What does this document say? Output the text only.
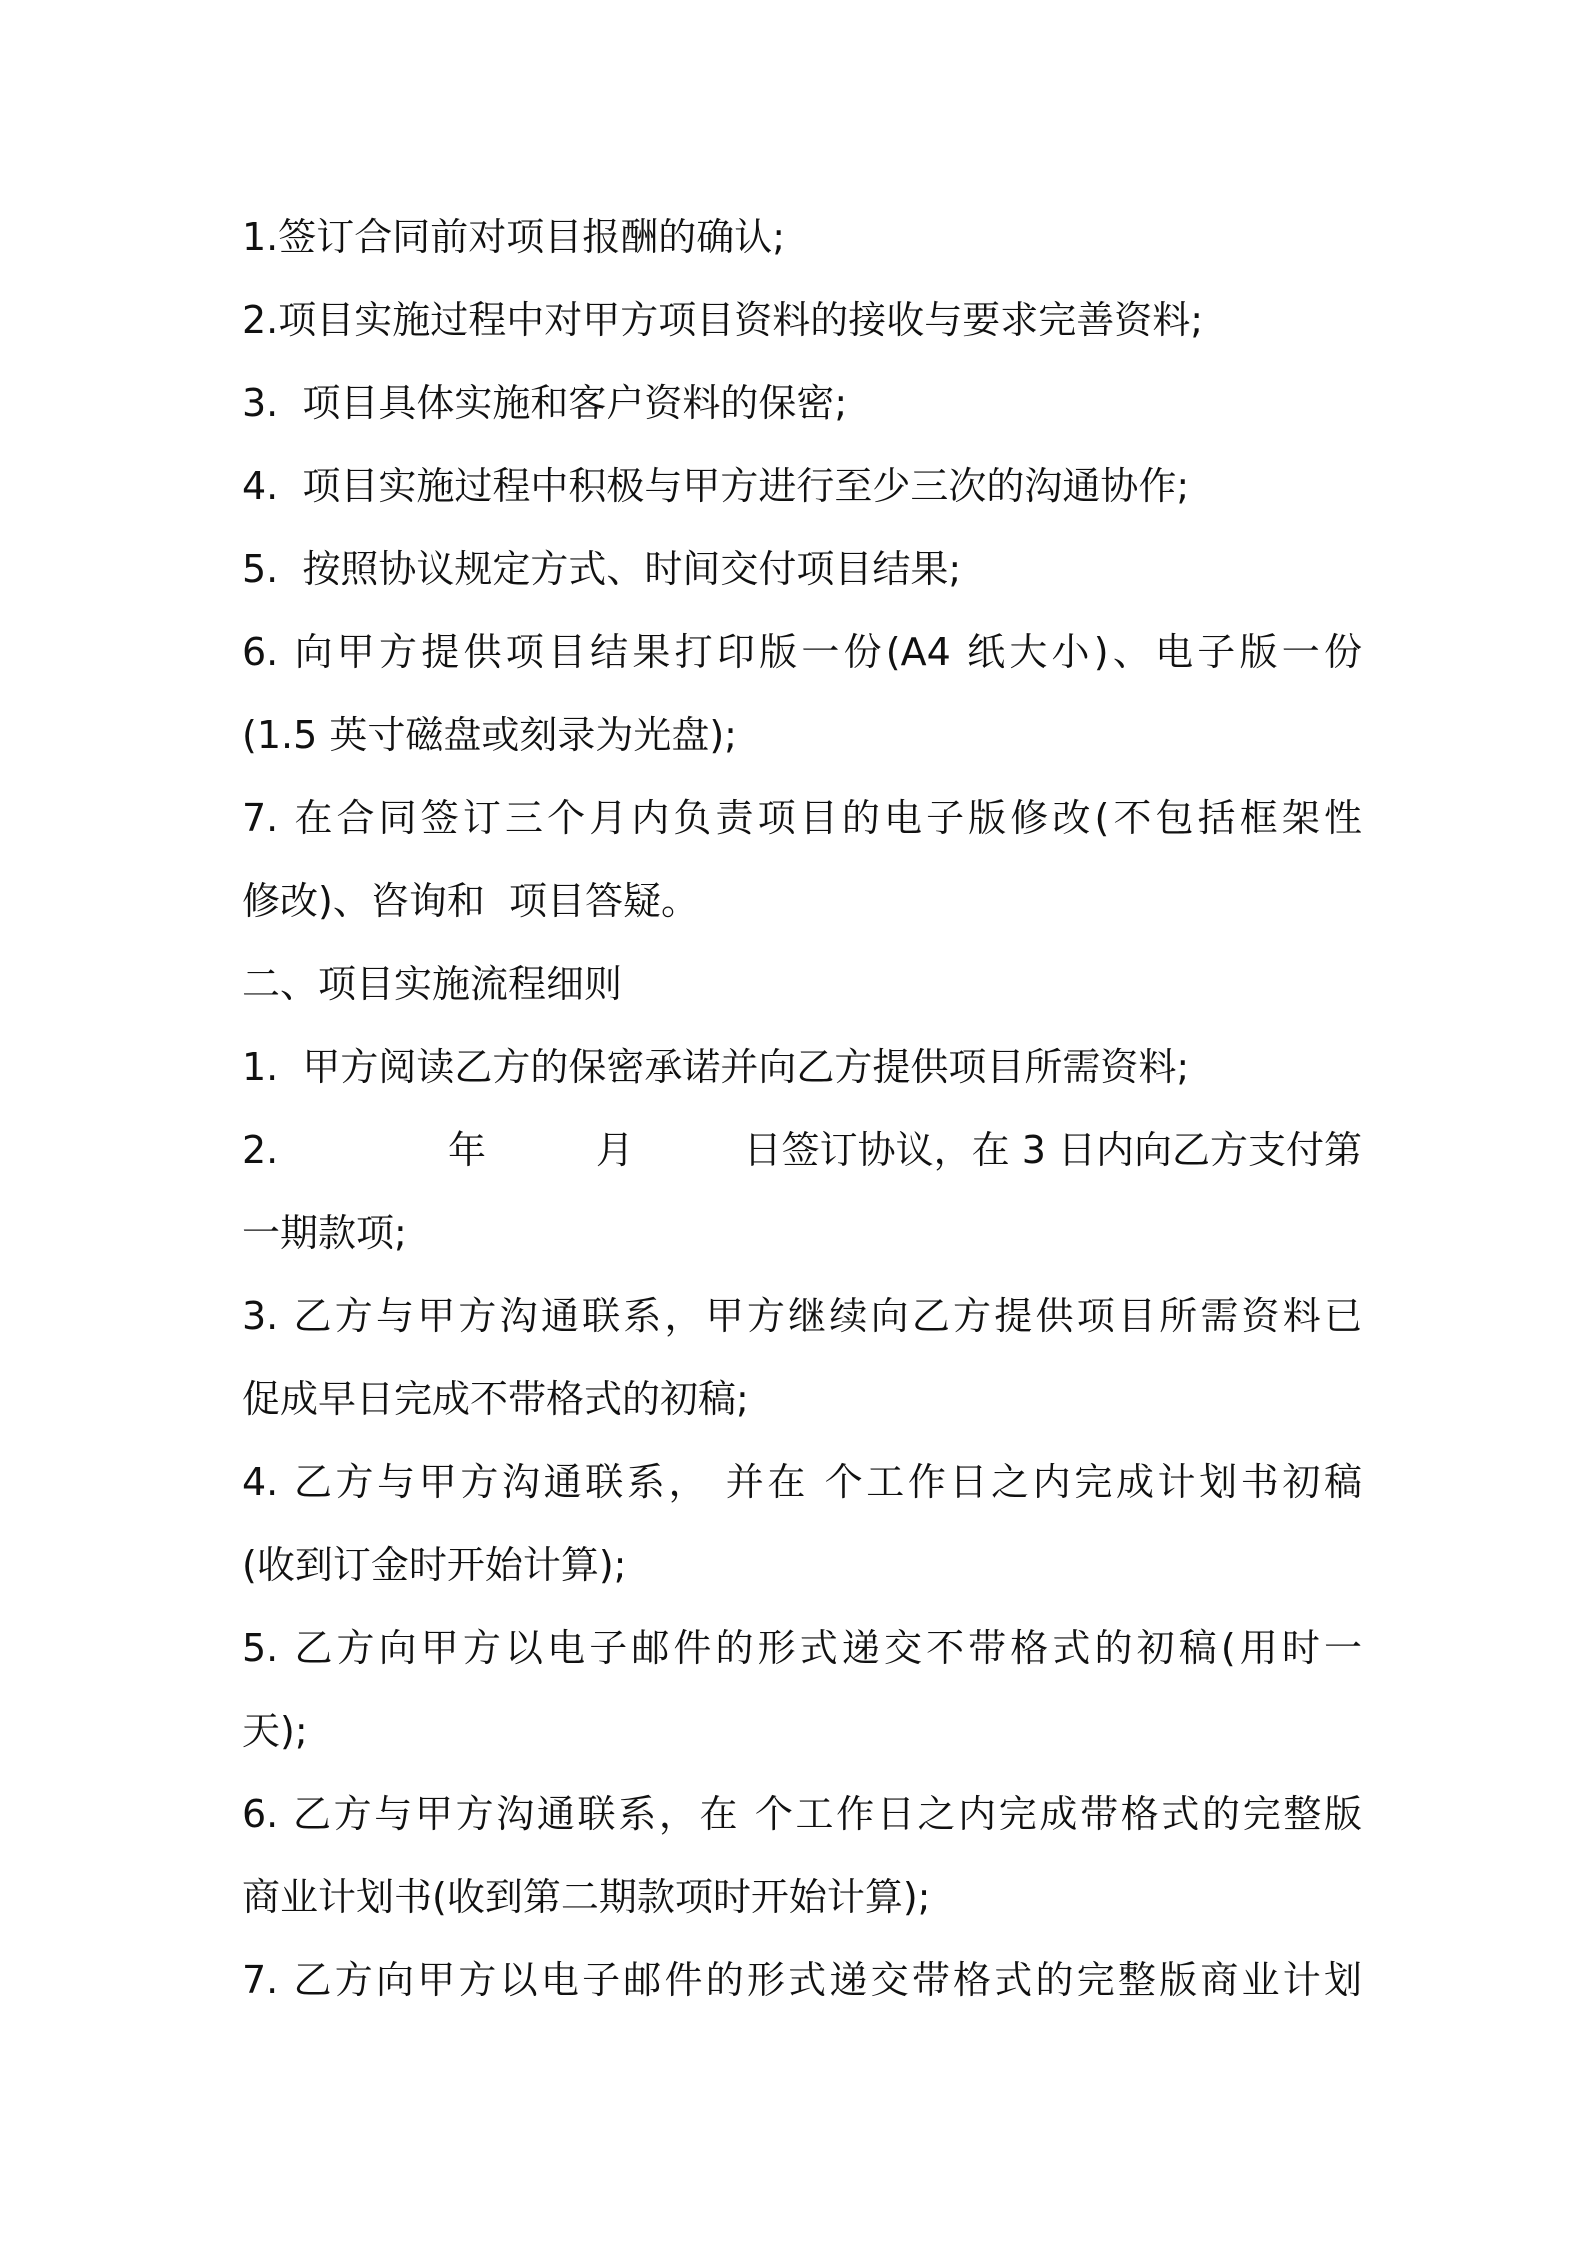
1.签订合同前对项目报酬的确认;
2.项目实施过程中对甲方项目资料的接收与要求完善资料;
3.  项目具体实施和客户资料的保密;
4.  项目实施过程中积极与甲方进行至少三次的沟通协作;
5.  按照协议规定方式、时间交付项目结果;
6. 向甲方提供项目结果打印版一份(A4 纸大小)、电子版一份
(1.5 英寸磁盘或刻录为光盘);
7. 在合同签订三个月内负责项目的电子版修改(不包括框架性
修改)、咨询和  项目答疑。
二、项目实施流程细则
1.  甲方阅读乙方的保密承诺并向乙方提供项目所需资料;
2.	年	月	日签订协议，在 3 日内向乙方支付第
一期款项;
3. 乙方与甲方沟通联系，甲方继续向乙方提供项目所需资料已
促成早日完成不带格式的初稿;
4. 乙方与甲方沟通联系， 并在 个工作日之内完成计划书初稿
(收到订金时开始计算);
5. 乙方向甲方以电子邮件的形式递交不带格式的初稿(用时一
天);
6. 乙方与甲方沟通联系，在 个工作日之内完成带格式的完整版
商业计划书(收到第二期款项时开始计算);
7. 乙方向甲方以电子邮件的形式递交带格式的完整版商业计划
